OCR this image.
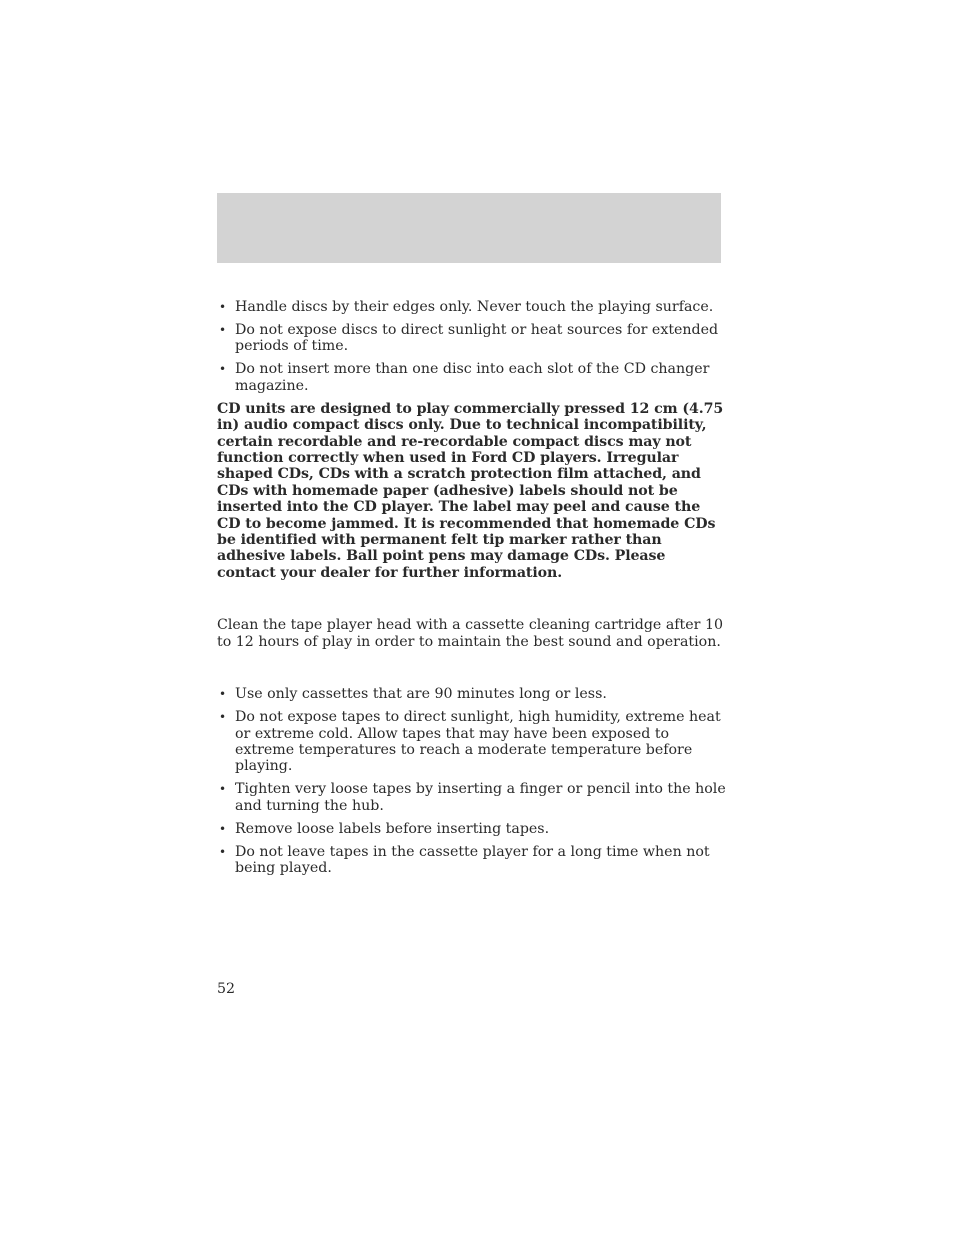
• Handle discs by their edges only. Never touch the playing surface.
• Do not expose discs to direct sunlight or heat sources for extended periods of time.
• Do not insert more than one disc into each slot of the CD changer magazine.

CD units are designed to play commercially pressed 12 cm (4.75 in) audio compact discs only. Due to technical incompatibility, certain recordable and re-recordable compact discs may not function correctly when used in Ford CD players. Irregular shaped CDs, CDs with a scratch protection film attached, and CDs with homemade paper (adhesive) labels should not be inserted into the CD player. The label may peel and cause the CD to become jammed. It is recommended that homemade CDs be identified with permanent felt tip marker rather than adhesive labels. Ball point pens may damage CDs. Please contact your dealer for further information.

Clean the tape player head with a cassette cleaning cartridge after 10 to 12 hours of play in order to maintain the best sound and operation.

• Use only cassettes that are 90 minutes long or less.
• Do not expose tapes to direct sunlight, high humidity, extreme heat or extreme cold. Allow tapes that may have been exposed to extreme temperatures to reach a moderate temperature before playing.
• Tighten very loose tapes by inserting a finger or pencil into the hole and turning the hub.
• Remove loose labels before inserting tapes.
• Do not leave tapes in the cassette player for a long time when not being played.
52
